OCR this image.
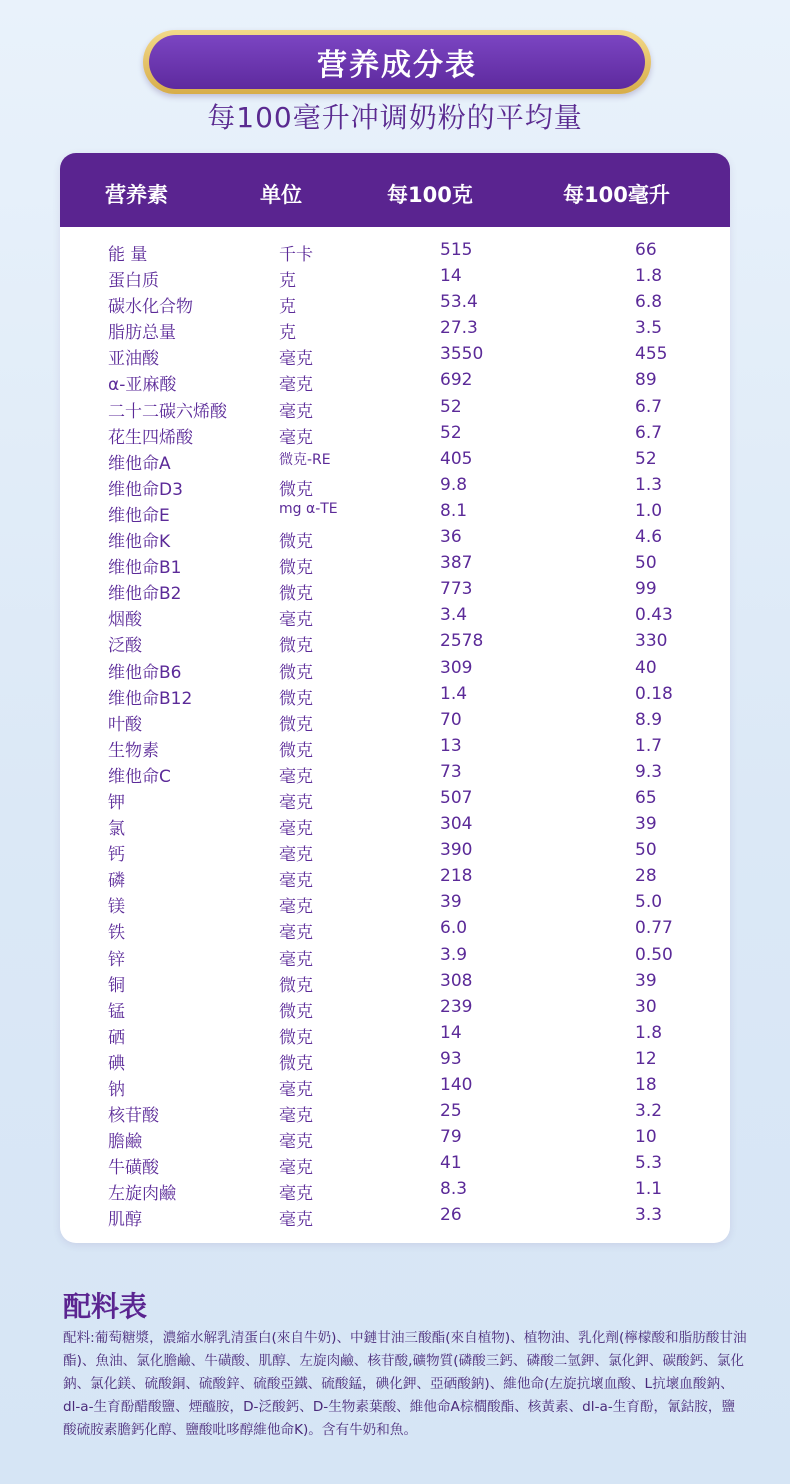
营养成分表
每100毫升冲调奶粉的平均量
营养素	单位	每100克	每100毫升
能 量	千卡	515	66
蛋白质	克	14	1.8
碳水化合物	克	53.4	6.8
脂肪总量	克	27.3	3.5
亚油酸	毫克	3550	455
α-亚麻酸	毫克	692	89
二十二碳六烯酸	毫克	52	6.7
花生四烯酸	毫克	52	6.7
维他命A	微克-RE	405	52
维他命D3	微克	9.8	1.3
维他命E	mg α-TE	8.1	1.0
维他命K	微克	36	4.6
维他命B1	微克	387	50
维他命B2	微克	773	99
烟酸	毫克	3.4	0.43
泛酸	微克	2578	330
维他命B6	微克	309	40
维他命B12	微克	1.4	0.18
叶酸	微克	70	8.9
生物素	微克	13	1.7
维他命C	毫克	73	9.3
钾	毫克	507	65
氯	毫克	304	39
钙	毫克	390	50
磷	毫克	218	28
镁	毫克	39	5.0
铁	毫克	6.0	0.77
锌	毫克	3.9	0.50
铜	微克	308	39
锰	微克	239	30
硒	微克	14	1.8
碘	微克	93	12
钠	毫克	140	18
核苷酸	毫克	25	3.2
膽鹼	毫克	79	10
牛磺酸	毫克	41	5.3
左旋肉鹼	毫克	8.3	1.1
肌醇	毫克	26	3.3
配料表
配料:葡萄糖漿，濃縮水解乳清蛋白(來自牛奶)、中鏈甘油三酸酯(來自植物)、植物油、乳化劑(檸檬酸和脂肪酸甘油酯)、魚油、氯化膽鹼、牛磺酸、肌醇、左旋肉鹼、核苷酸,礦物質(磷酸三鈣、磷酸二氫鉀、氯化鉀、碳酸鈣、氯化鈉、氯化鎂、硫酸銅、硫酸鋅、硫酸亞鐵、硫酸錳，碘化鉀、亞硒酸鈉)、維他命(左旋抗壞血酸、L抗壞血酸鈉、dl-a-生育酚醋酸鹽、煙醯胺，D-泛酸鈣、D-生物素葉酸、維他命A棕櫚酸酯、核黃素、dl-a-生育酚，氰鈷胺，鹽酸硫胺素膽鈣化醇、鹽酸吡哆醇維他命K)。含有牛奶和魚。
